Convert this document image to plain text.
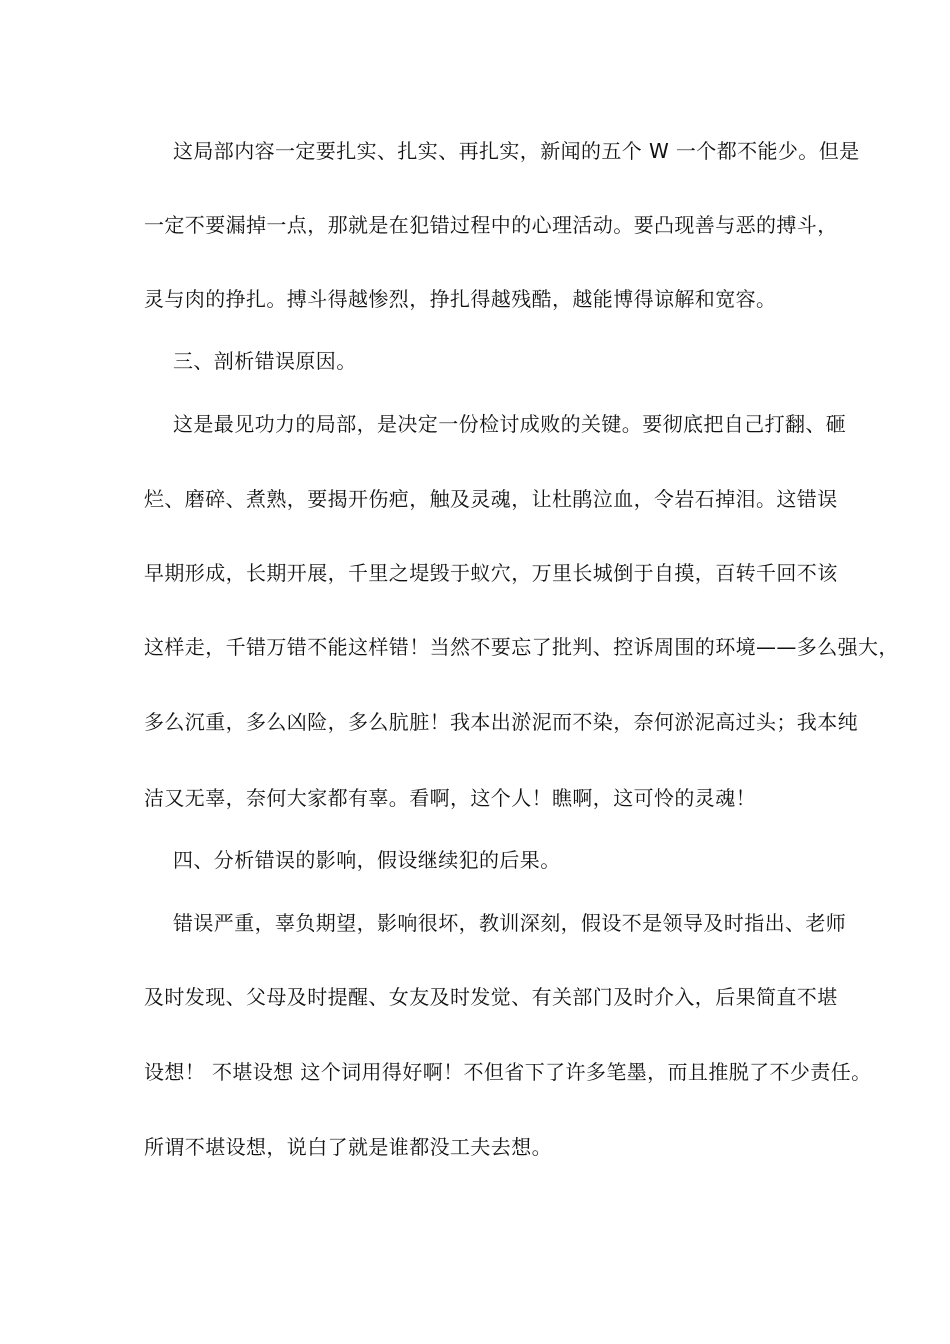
这局部内容一定要扎实、扎实、再扎实，新闻的五个 W 一个都不能少。但是
一定不要漏掉一点，那就是在犯错过程中的心理活动。要凸现善与恶的搏斗，
灵与肉的挣扎。搏斗得越惨烈，挣扎得越残酷，越能博得谅解和宽容。
三、剖析错误原因。
这是最见功力的局部，是决定一份检讨成败的关键。要彻底把自己打翻、砸
烂、磨碎、煮熟，要揭开伤疤，触及灵魂，让杜鹃泣血，令岩石掉泪。这错误
早期形成，长期开展，千里之堤毁于蚁穴，万里长城倒于自摸，百转千回不该
这样走，千错万错不能这样错！当然不要忘了批判、控诉周围的环境——多么强大，
多么沉重，多么凶险，多么肮脏！我本出淤泥而不染，奈何淤泥高过头；我本纯
洁又无辜，奈何大家都有辜。看啊，这个人！瞧啊，这可怜的灵魂！
四、分析错误的影响，假设继续犯的后果。
错误严重，辜负期望，影响很坏，教训深刻，假设不是领导及时指出、老师
及时发现、父母及时提醒、女友及时发觉、有关部门及时介入，后果简直不堪
设想！ 不堪设想 这个词用得好啊！不但省下了许多笔墨，而且推脱了不少责任。
所谓不堪设想，说白了就是谁都没工夫去想。
